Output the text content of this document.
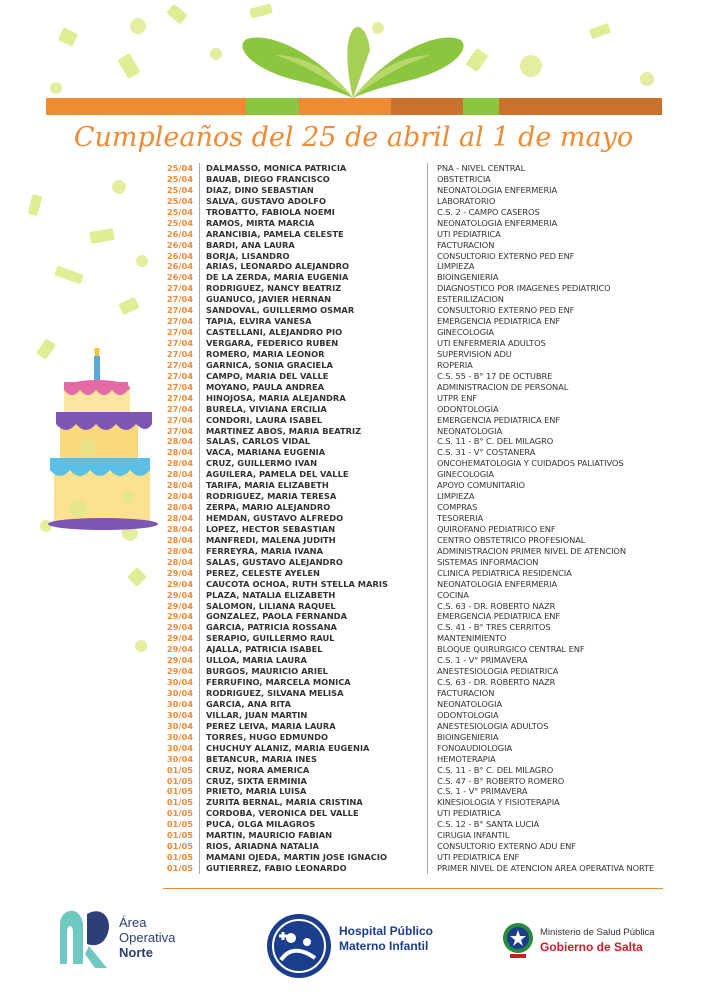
Cumpleaños del 25 de abril al 1 de mayo
25/04	DALMASSO, MONICA PATRICIA	PNA - NIVEL CENTRAL
25/04	BAUAB, DIEGO FRANCISCO	OBSTETRICIA
25/04	DIAZ, DINO SEBASTIAN	NEONATOLOGIA ENFERMERIA
25/04	SALVA, GUSTAVO ADOLFO	LABORATORIO
25/04	TROBATTO, FABIOLA NOEMI	C.S. 2 - CAMPO CASEROS
25/04	RAMOS, MIRTA MARCIA	NEONATOLOGIA ENFERMERIA
26/04	ARANCIBIA, PAMELA CELESTE	UTI PEDIATRICA
26/04	BARDI, ANA LAURA	FACTURACION
26/04	BORJA, LISANDRO	CONSULTORIO EXTERNO PED ENF
26/04	ARIAS, LEONARDO ALEJANDRO	LIMPIEZA
26/04	DE LA ZERDA, MARIA EUGENIA	BIOINGENIERIA
27/04	RODRIGUEZ, NANCY BEATRIZ	DIAGNOSTICO POR IMAGENES PEDIATRICO
27/04	GUANUCO, JAVIER HERNAN	ESTERILIZACION
27/04	SANDOVAL, GUILLERMO OSMAR	CONSULTORIO EXTERNO PED ENF
27/04	TAPIA, ELVIRA VANESA	EMERGENCIA PEDIATRICA ENF
27/04	CASTELLANI, ALEJANDRO PIO	GINECOLOGIA
27/04	VERGARA, FEDERICO RUBEN	UTI ENFERMERIA ADULTOS
27/04	ROMERO, MARIA LEONOR	SUPERVISION ADU
27/04	GARNICA, SONIA GRACIELA	ROPERIA
27/04	CAMPO, MARIA DEL VALLE	C.S. 55 - B° 17 DE OCTUBRE
27/04	MOYANO, PAULA ANDREA	ADMINISTRACION DE PERSONAL
27/04	HINOJOSA, MARIA ALEJANDRA	UTPR ENF
27/04	BURELA, VIVIANA ERCILIA	ODONTOLOGIA
27/04	CONDORI, LAURA ISABEL	EMERGENCIA PEDIATRICA ENF
27/04	MARTINEZ ABOS, MARIA BEATRIZ	NEONATOLOGIA
28/04	SALAS, CARLOS VIDAL	C.S. 11 - B° C. DEL MILAGRO
28/04	VACA, MARIANA EUGENIA	C.S. 31 - V° COSTANERA
28/04	CRUZ, GUILLERMO IVAN	ONCOHEMATOLOGIA Y CUIDADOS PALIATIVOS
28/04	AGUILERA, PAMELA DEL VALLE	GINECOLOGIA
28/04	TARIFA, MARIA ELIZABETH	APOYO COMUNITARIO
28/04	RODRIGUEZ, MARIA TERESA	LIMPIEZA
28/04	ZERPA, MARIO ALEJANDRO	COMPRAS
28/04	HEMDAN, GUSTAVO ALFREDO	TESORERIA
28/04	LOPEZ, HECTOR SEBASTIAN	QUIROFANO PEDIATRICO ENF
28/04	MANFREDI, MALENA JUDITH	CENTRO OBSTETRICO PROFESIONAL
28/04	FERREYRA, MARIA IVANA	ADMINISTRACION PRIMER NIVEL DE ATENCION
28/04	SALAS, GUSTAVO ALEJANDRO	SISTEMAS INFORMACION
29/04	PEREZ, CELESTE AYELEN	CLINICA PEDIATRICA RESIDENCIA
29/04	CAUCOTA OCHOA, RUTH STELLA MARIS	NEONATOLOGIA ENFERMERIA
29/04	PLAZA, NATALIA ELIZABETH	COCINA
29/04	SALOMON, LILIANA RAQUEL	C.S. 63 - DR. ROBERTO NAZR
29/04	GONZALEZ, PAOLA FERNANDA	EMERGENCIA PEDIATRICA ENF
29/04	GARCIA, PATRICIA ROSSANA	C.S. 41 - B° TRES CERRITOS
29/04	SERAPIO, GUILLERMO RAUL	MANTENIMIENTO
29/04	AJALLA, PATRICIA ISABEL	BLOQUE QUIRURGICO CENTRAL ENF
29/04	ULLOA, MARIA LAURA	C.S. 1 - V° PRIMAVERA
29/04	BURGOS, MAURICIO ARIEL	ANESTESIOLOGIA PEDIATRICA
30/04	FERRUFINO, MARCELA MONICA	C.S. 63 - DR. ROBERTO NAZR
30/04	RODRIGUEZ, SILVANA MELISA	FACTURACION
30/04	GARCIA, ANA RITA	NEONATOLOGIA
30/04	VILLAR, JUAN MARTIN	ODONTOLOGIA
30/04	PEREZ LEIVA, MARIA LAURA	ANESTESIOLOGIA ADULTOS
30/04	TORRES, HUGO EDMUNDO	BIOINGENIERIA
30/04	CHUCHUY ALANIZ, MARIA EUGENIA	FONOAUDIOLOGIA
30/04	BETANCUR, MARIA INES	HEMOTERAPIA
01/05	CRUZ, NORA AMERICA	C.S. 11 - B° C. DEL MILAGRO
01/05	CRUZ, SIXTA ERMINIA	C.S. 47 - B° ROBERTO ROMERO
01/05	PRIETO, MARIA LUISA	C.S. 1 - V° PRIMAVERA
01/05	ZURITA BERNAL, MARIA CRISTINA	KINESIOLOGIA Y FISIOTERAPIA
01/05	CORDOBA, VERONICA DEL VALLE	UTI PEDIATRICA
01/05	PUCA, OLGA MILAGROS	C.S. 12 - B° SANTA LUCIA
01/05	MARTIN, MAURICIO FABIAN	CIRUGIA INFANTIL
01/05	RIOS, ARIADNA NATALIA	CONSULTORIO EXTERNO ADU ENF
01/05	MAMANI OJEDA, MARTIN JOSE IGNACIO	UTI PEDIATRICA ENF
01/05	GUTIERREZ, FABIO LEONARDO	PRIMER NIVEL DE ATENCION AREA OPERATIVA NORTE
Área
Operativa
Norte
Hospital Público
Materno Infantil
Ministerio de Salud Pública
Gobierno de Salta
